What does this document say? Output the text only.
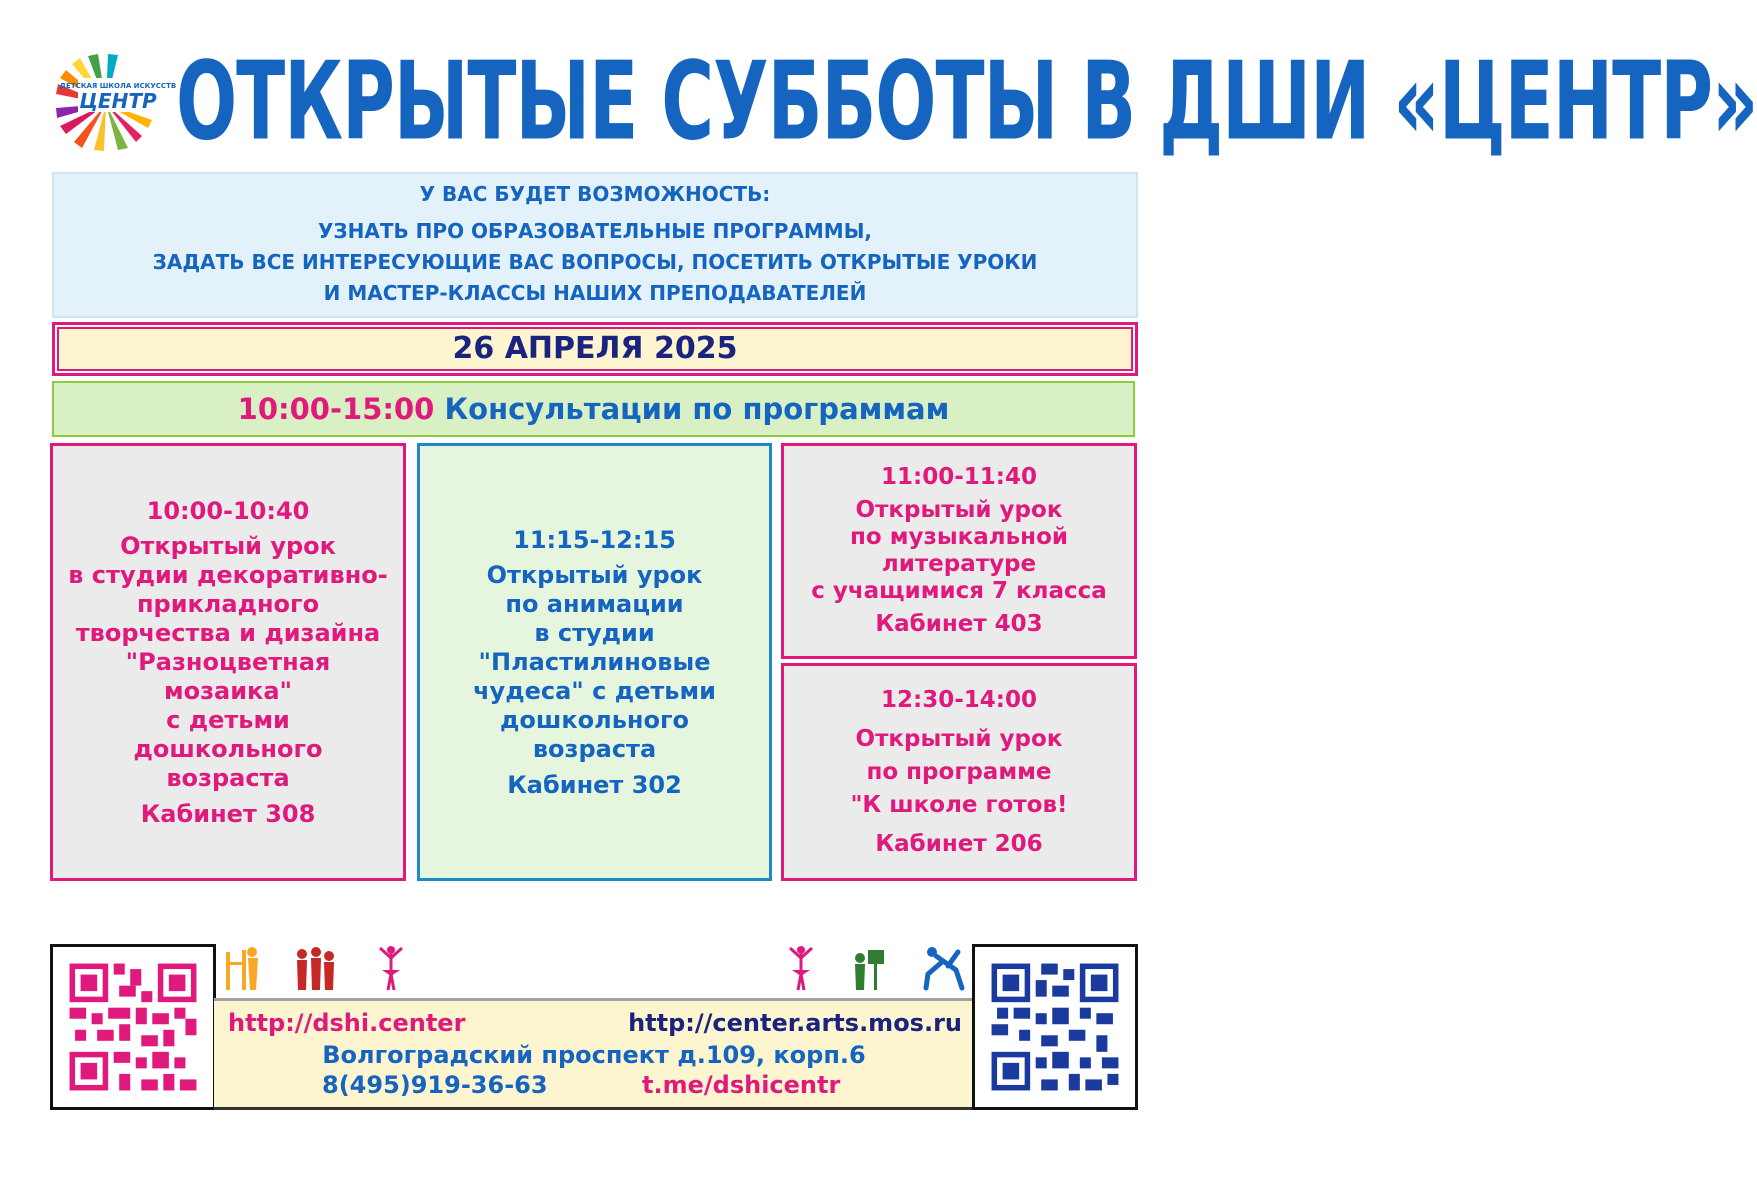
ДЕТСКАЯ ШКОЛА ИСКУССТВ
ЦЕНТР ОТКРЫТЫЕ СУББОТЫ В ДШИ «ЦЕНТР»
У ВАС БУДЕТ ВОЗМОЖНОСТЬ:
УЗНАТЬ ПРО ОБРАЗОВАТЕЛЬНЫЕ ПРОГРАММЫ,
ЗАДАТЬ ВСЕ ИНТЕРЕСУЮЩИЕ ВАС ВОПРОСЫ, ПОСЕТИТЬ ОТКРЫТЫЕ УРОКИ
И МАСТЕР-КЛАССЫ НАШИХ ПРЕПОДАВАТЕЛЕЙ
26 АПРЕЛЯ 2025
10:00-15:00 Консультации по программам
10:00-10:40
Открытый урок
в студии декоративно-
прикладного
творчества и дизайна
"Разноцветная
мозаика"
с детьми
дошкольного
возраста
Кабинет 308
11:15-12:15
Открытый урок
по анимации
в студии
"Пластилиновые
чудеса" с детьми
дошкольного
возраста
Кабинет 302
11:00-11:40
Открытый урок
по музыкальной
литературе
с учащимися 7 класса
Кабинет 403
12:30-14:00
Открытый урок
по программе
"К школе готов!
Кабинет 206
http://dshi.center	http://center.arts.mos.ru
Волгоградский проспект д.109, корп.6
8(495)919-36-63	t.me/dshicentr
